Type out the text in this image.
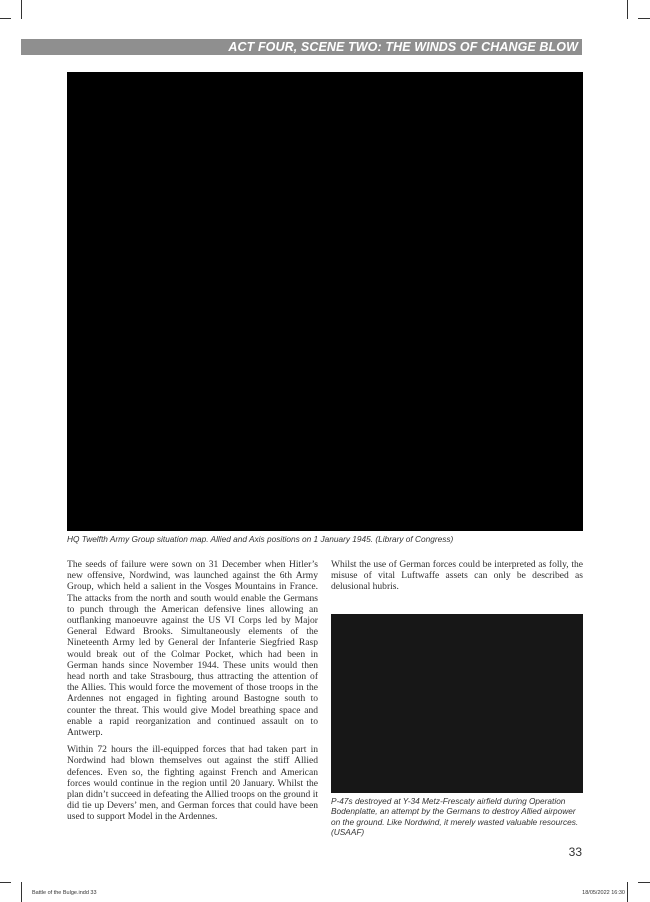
ACT FOUR, SCENE TWO: THE WINDS OF CHANGE BLOW
HQ Twelfth Army Group situation map. Allied and Axis positions on 1 January 1945. (Library of Congress)

The seeds of failure were sown on 31 December when Hitler’s new offensive, Nordwind, was launched against the 6th Army Group, which held a salient in the Vosges Mountains in France. The attacks from the north and south would enable the Germans to punch through the American defensive lines allowing an outflanking manoeuvre against the US VI Corps led by Major General Edward Brooks. Simultaneously elements of the Nineteenth Army led by General der Infanterie Siegfried Rasp would break out of the Colmar Pocket, which had been in German hands since November 1944. These units would then head north and take Strasbourg, thus attracting the attention of the Allies. This would force the movement of those troops in the Ardennes not engaged in fighting around Bastogne south to counter the threat. This would give Model breathing space and enable a rapid reorganization and continued assault on to Antwerp.

Within 72 hours the ill-equipped forces that had taken part in Nordwind had blown themselves out against the stiff Allied defences. Even so, the fighting against French and American forces would continue in the region until 20 January. Whilst the plan didn’t succeed in defeating the Allied troops on the ground it did tie up Devers’ men, and German forces that could have been used to support Model in the Ardennes.

Whilst the use of German forces could be interpreted as folly, the misuse of vital Luftwaffe assets can only be described as delusional hubris.

P-47s destroyed at Y-34 Metz-Frescaty airfield during Operation Bodenplatte, an attempt by the Germans to destroy Allied airpower on the ground. Like Nordwind, it merely wasted valuable resources. (USAAF)
33
Battle of the Bulge.indd 33	18/05/2022 16:30
